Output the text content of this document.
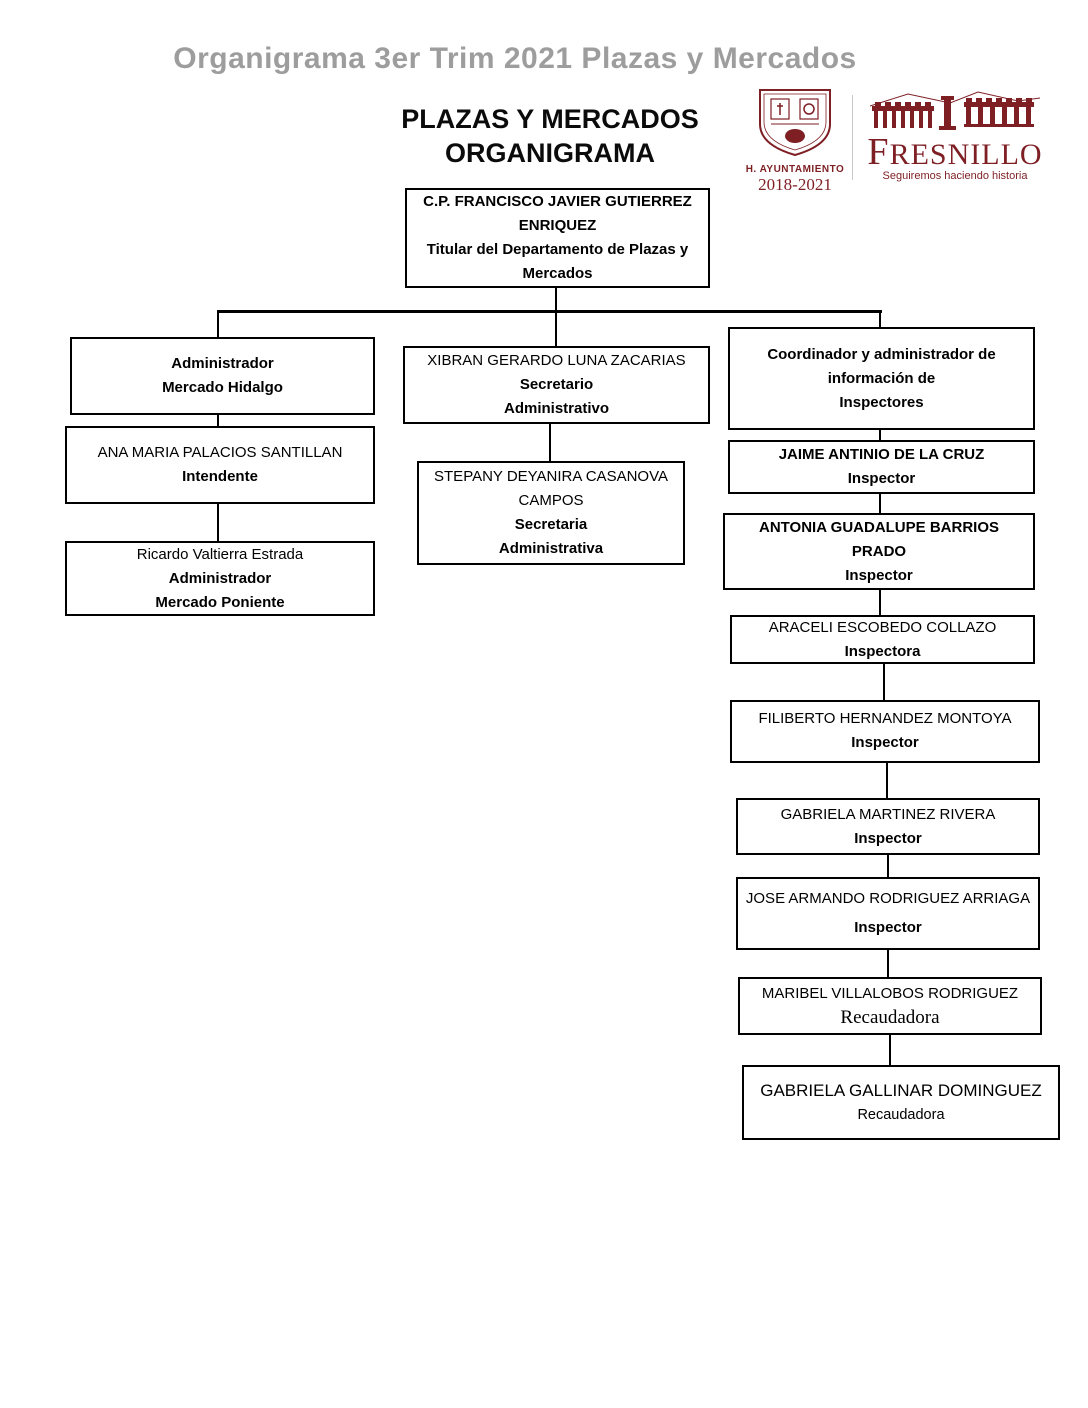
Organigrama 3er Trim 2021 Plazas y Mercados
PLAZAS Y MERCADOS
ORGANIGRAMA
H. AYUNTAMIENTO
2018-2021
FRESNILLO
Seguiremos haciendo historia
C.P. FRANCISCO JAVIER GUTIERREZ
ENRIQUEZ
Titular del Departamento de Plazas y
Mercados
Administrador
Mercado Hidalgo
ANA MARIA PALACIOS SANTILLAN
Intendente
Ricardo Valtierra Estrada
Administrador
Mercado Poniente
XIBRAN GERARDO LUNA ZACARIAS
Secretario
Administrativo
STEPANY DEYANIRA CASANOVA
CAMPOS
Secretaria
Administrativa
Coordinador y administrador de
información de
Inspectores
JAIME ANTINIO DE LA CRUZ
Inspector
ANTONIA GUADALUPE BARRIOS
PRADO
Inspector
ARACELI ESCOBEDO COLLAZO
Inspectora
FILIBERTO HERNANDEZ MONTOYA
Inspector
GABRIELA MARTINEZ RIVERA
Inspector
JOSE ARMANDO RODRIGUEZ ARRIAGA
Inspector
MARIBEL VILLALOBOS RODRIGUEZ
Recaudadora
GABRIELA GALLINAR DOMINGUEZ
Recaudadora
